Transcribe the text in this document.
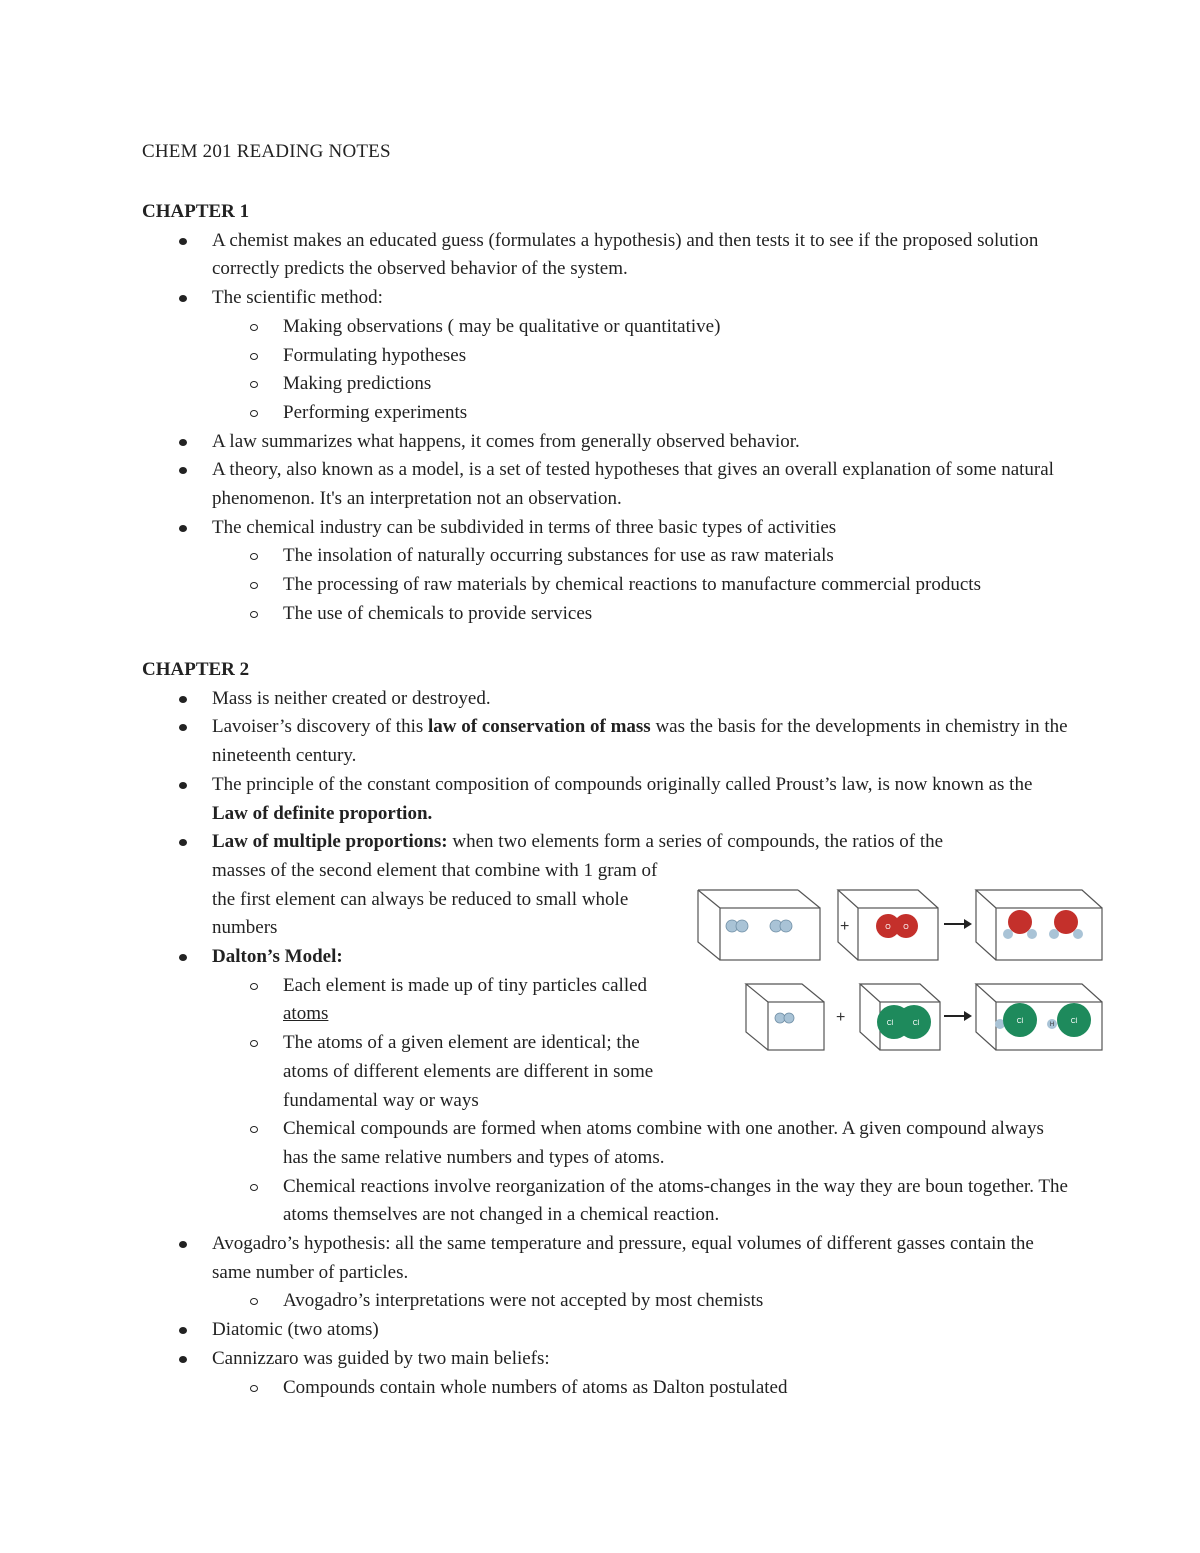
CHEM 201 READING NOTES
CHAPTER 1
A chemist makes an educated guess (formulates a hypothesis) and then tests it to see if the proposed solution correctly predicts the observed behavior of the system.
The scientific method:
Making observations ( may be qualitative or quantitative)
Formulating hypotheses
Making predictions
Performing experiments
A law summarizes what happens, it comes from generally observed behavior.
A theory, also known as a model, is a set of tested hypotheses that gives an overall explanation of some natural phenomenon. It's an interpretation not an observation.
The chemical industry can be subdivided in terms of three basic types of activities
The insolation of naturally occurring substances for use as raw materials
The processing of raw materials by chemical reactions to manufacture commercial products
The use of chemicals to provide services
CHAPTER 2
Mass is neither created or destroyed.
Lavoiser’s discovery of this law of conservation of mass was the basis for the developments in chemistry in the nineteenth century.
The principle of the constant composition of compounds originally called Proust’s law, is now known as the Law of definite proportion.
Law of multiple proportions: when two elements form a series of compounds, the ratios of the
masses of the second element that combine with 1 gram of the first element can always be reduced to small whole numbers
Dalton’s Model:
Each element is made up of tiny particles called atoms
The atoms of a given element are identical; the atoms of different elements are different in some fundamental way or ways
Chemical compounds are formed when atoms combine with one another. A given compound always has the same relative numbers and types of atoms.
Chemical reactions involve reorganization of the atoms-changes in the way they are boun together. The atoms themselves are not changed in a chemical reaction.
Avogadro’s hypothesis: all the same temperature and pressure, equal volumes of different gasses contain the same number of particles.
Avogadro’s interpretations were not accepted by most chemists
Diatomic (two atoms)
Cannizzaro was guided by two main beliefs:
Compounds contain whole numbers of atoms as Dalton postulated
+	O O
+	Cl	Cl	Cl	H Cl
